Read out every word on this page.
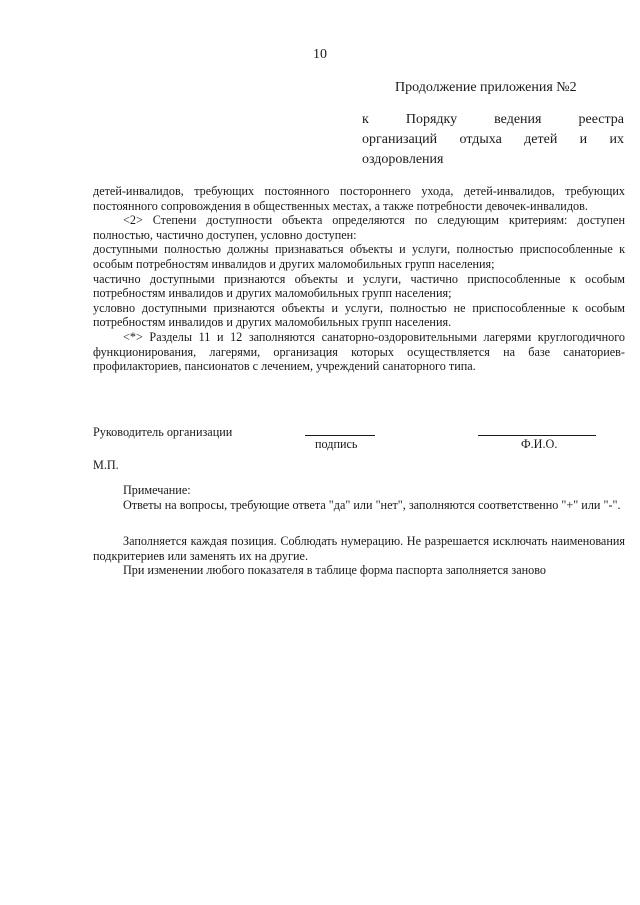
10
Продолжение приложения №2
к Порядку ведения реестра
организаций отдыха детей и их
оздоровления

детей-инвалидов, требующих постоянного постороннего ухода, детей-инвалидов, требующих постоянного сопровождения в общественных местах, а также потребности девочек-инвалидов.

<2> Степени доступности объекта определяются по следующим критериям: доступен полностью, частично доступен, условно доступен:

доступными полностью должны признаваться объекты и услуги, полностью приспособленные к особым потребностям инвалидов и других маломобильных групп населения;

частично доступными признаются объекты и услуги, частично приспособленные к особым потребностям инвалидов и других маломобильных групп населения;

условно доступными признаются объекты и услуги, полностью не приспособленные к особым потребностям инвалидов и других маломобильных групп населения.

<*> Разделы 11 и 12 заполняются санаторно-оздоровительными лагерями круглогодичного функционирования, лагерями, организация которых осуществляется на базе санаториев-профилакториев, пансионатов с лечением, учреждений санаторного типа.

Руководитель организации
подпись	Ф.И.О.
М.П.

Примечание:

Ответы на вопросы, требующие ответа "да" или "нет", заполняются соответственно "+" или "-".

Заполняется каждая позиция. Соблюдать нумерацию. Не разрешается исключать наименования подкритериев или заменять их на другие.

При изменении любого показателя в таблице форма паспорта заполняется заново
